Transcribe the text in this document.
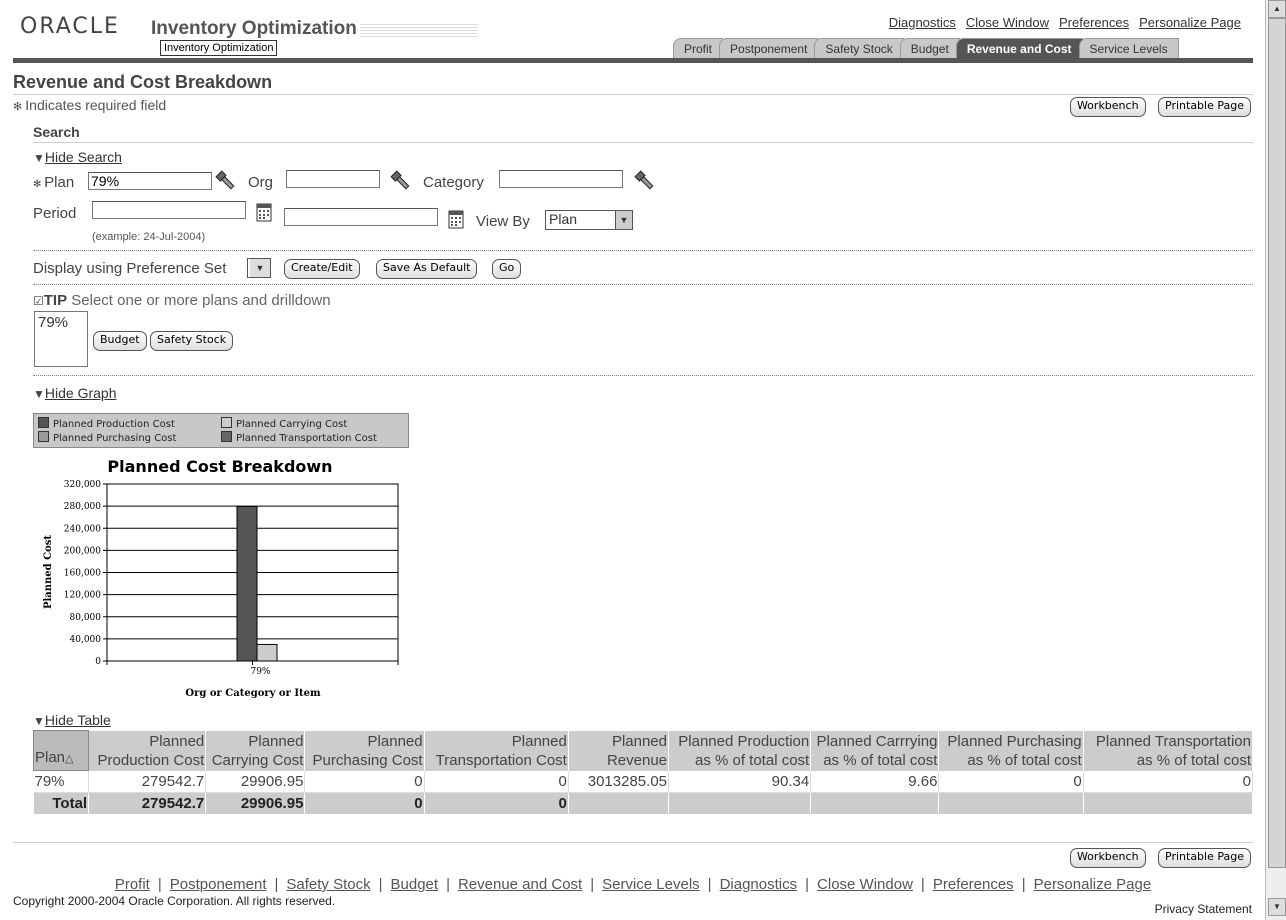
ORACLE Inventory Optimization
Inventory Optimization
Diagnostics Close Window Preferences Personalize Page
Profit	Postponement	Safety Stock	Budget	Revenue and Cost	Service Levels
Revenue and Cost Breakdown
✻ Indicates required field	Workbench Printable Page
Search
▼Hide Search
✻ Plan 79%	Org	Category
Period	View By Plan	▼
(example: 24-Jul-2004)
Display using Preference Set	▼	Create/Edit	Save As Default	Go
☑TIP Select one or more plans and drilldown
79%
Budget	Safety Stock
▼Hide Graph
Planned Production Cost	Planned Carrying Cost
Planned Purchasing Cost	Planned Transportation Cost
Planned Cost Breakdown
Planned Cost
Org or Category or Item
0
40,000
80,000
120,000
160,000
200,000
240,000
280,000
320,000
79%
▼Hide Table
Plan△	Planned Production Cost	Planned Carrying Cost	Planned Purchasing Cost	Planned Transportation Cost	Planned Revenue	Planned Production as % of total cost	Planned Carrrying as % of total cost	Planned Purchasing as % of total cost	Planned Transportation as % of total cost
79%	279542.7	29906.95	0	0	3013285.05	90.34	9.66	0	0
Total	279542.7	29906.95	0	0					
Workbench Printable Page
Profit | Postponement | Safety Stock | Budget | Revenue and Cost | Service Levels | Diagnostics | Close Window | Preferences | Personalize Page
Copyright 2000-2004 Oracle Corporation. All rights reserved.
Privacy Statement
▲
▼
